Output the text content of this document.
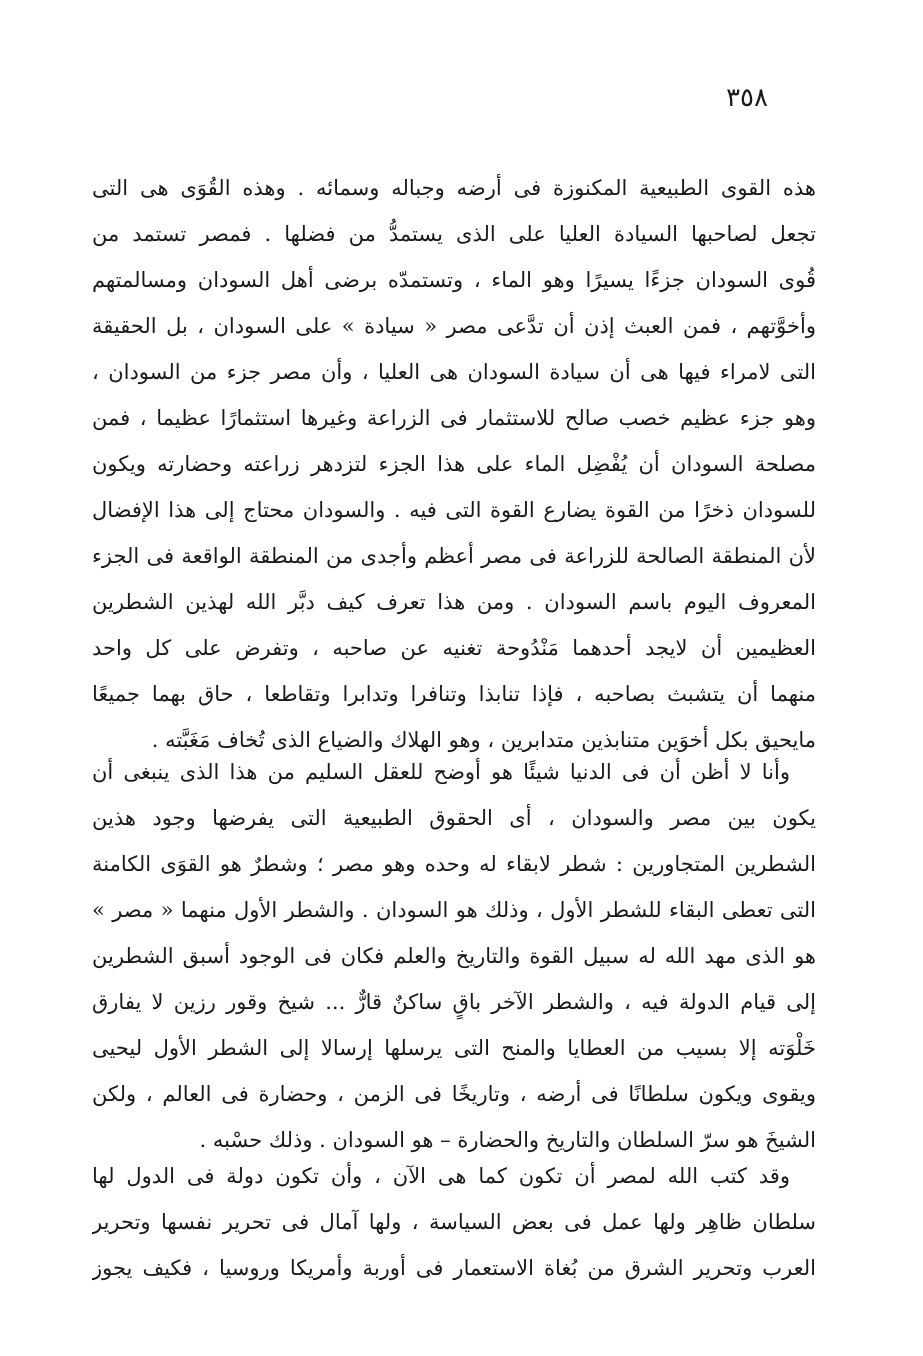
٣٥٨
هذه القوى الطبيعية المكنوزة فى أرضه وجباله وسمائه . وهذه القُوَى هى التى
تجعل لصاحبها السيادة العليا على الذى يستمدُّ من فضلها . فمصر تستمد من
قُوى السودان جزءًا يسيرًا وهو الماء ، وتستمدّه برضى أهل السودان ومسالمتهم
وأخوَّتهم ، فمن العبث إذن أن تدَّعى مصر « سيادة » على السودان ، بل الحقيقة
التى لامراء فيها هى أن سيادة السودان هى العليا ، وأن مصر جزء من السودان ،
وهو جزء عظيم خصب صالح للاستثمار فى الزراعة وغيرها استثمارًا عظيما ، فمن
مصلحة السودان أن يُفْضِل الماء على هذا الجزء لتزدهر زراعته وحضارته ويكون
للسودان ذخرًا من القوة يضارع القوة التى فيه . والسودان محتاج إلى هذا الإفضال
لأن المنطقة الصالحة للزراعة فى مصر أعظم وأجدى من المنطقة الواقعة فى الجزء
المعروف اليوم باسم السودان . ومن هذا تعرف كيف دبَّر الله لهذين الشطرين
العظيمين أن لايجد أحدهما مَنْدُوحة تغنيه عن صاحبه ، وتفرض على كل واحد
منهما أن يتشبث بصاحبه ، فإذا تنابذا وتنافرا وتدابرا وتقاطعا ، حاق بهما جميعًا
مايحيق بكل أخوَين متنابذين متدابرين ، وهو الهلاك والضياع الذى تُخاف مَغَبَّته .
وأنا لا أظن أن فى الدنيا شيئًا هو أوضح للعقل السليم من هذا الذى ينبغى أن
يكون بين مصر والسودان ، أى الحقوق الطبيعية التى يفرضها وجود هذين
الشطرين المتجاورين : شطر لابقاء له وحده وهو مصر ؛ وشطرٌ هو القوَى الكامنة
التى تعطى البقاء للشطر الأول ، وذلك هو السودان . والشطر الأول منهما « مصر »
هو الذى مهد الله له سبيل القوة والتاريخ والعلم فكان فى الوجود أسبق الشطرين
إلى قيام الدولة فيه ، والشطر الآخر باقٍ ساكنٌ قارٌّ ... شيخ وقور رزين لا يفارق
خَلْوَته إلا بسيب من العطايا والمنح التى يرسلها إرسالا إلى الشطر الأول ليحيى
ويقوى ويكون سلطانًا فى أرضه ، وتاريخًا فى الزمن ، وحضارة فى العالم ، ولكن
الشيخَ هو سرّ السلطان والتاريخ والحضارة – هو السودان . وذلك حسْبه .
وقد كتب الله لمصر أن تكون كما هى الآن ، وأن تكون دولة فى الدول لها
سلطان ظاهِر ولها عمل فى بعض السياسة ، ولها آمال فى تحرير نفسها وتحرير
العرب وتحرير الشرق من بُغاة الاستعمار فى أوربة وأمريكا وروسيا ، فكيف يجوز
